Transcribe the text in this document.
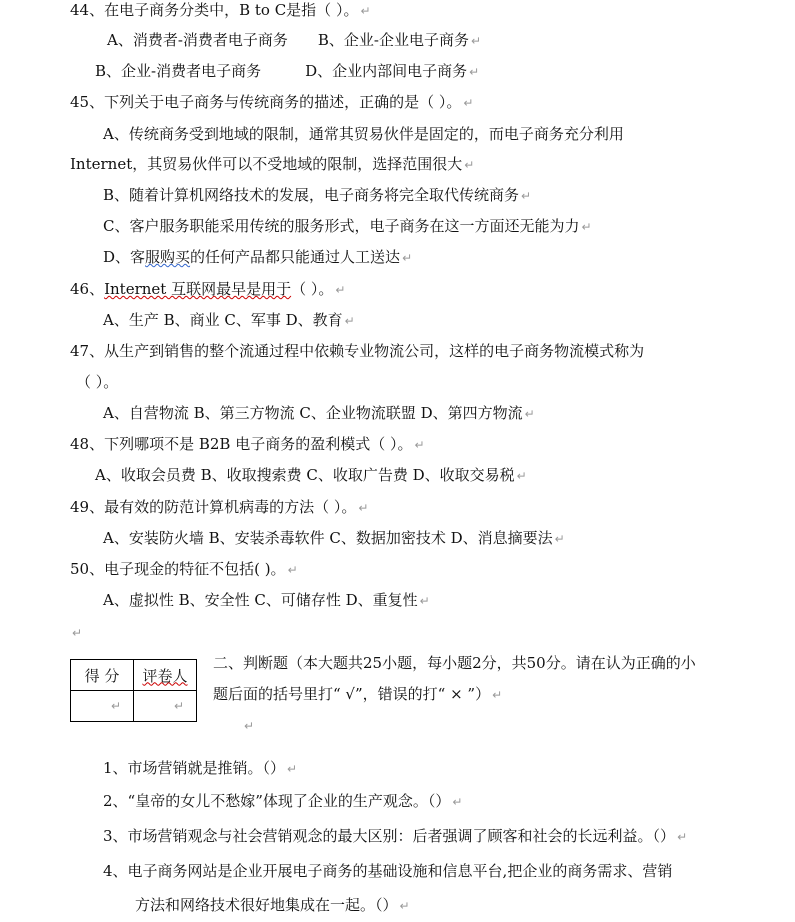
44、在电子商务分类中，B to C是指（ ）。 ↵
A、消费者-消费者电子商务 B、企业-企业电子商务 ↵
B、企业-消费者电子商务	D、企业内部间电子商务 ↵
45、下列关于电子商务与传统商务的描述，正确的是（ ）。 ↵
A、传统商务受到地域的限制，通常其贸易伙伴是固定的，而电子商务充分利用
Internet，其贸易伙伴可以不受地域的限制，选择范围很大 ↵
B、随着计算机网络技术的发展，电子商务将完全取代传统商务 ↵
C、客户服务职能采用传统的服务形式，电子商务在这一方面还无能为力 ↵
D、客服购买的任何产品都只能通过人工送达 ↵
46、Internet 互联网最早是用于（ ）。 ↵
A、生产 B、商业 C、军事 D、教育 ↵
47、从生产到销售的整个流通过程中依赖专业物流公司，这样的电子商务物流模式称为
（ ）。
A、自营物流 B、第三方物流 C、企业物流联盟 D、第四方物流 ↵
48、下列哪项不是 B2B 电子商务的盈利模式（ ）。 ↵
A、收取会员费 B、收取搜索费 C、收取广告费 D、收取交易税 ↵
49、最有效的防范计算机病毒的方法（ ）。 ↵
A、安装防火墙 B、安装杀毒软件 C、数据加密技术 D、消息摘要法 ↵
50、电子现金的特征不包括( )。 ↵
A、虚拟性 B、安全性 C、可储存性 D、重复性 ↵
↵
得 分	评卷人

↵	↵
二、判断题（本大题共25小题，每小题2分，共50分。请在认为正确的小
题后面的括号里打“ √”，错误的打“ × ”） ↵
↵
1、市场营销就是推销。（） ↵
2、“皇帝的女儿不愁嫁”体现了企业的生产观念。（） ↵
3、市场营销观念与社会营销观念的最大区别：后者强调了顾客和社会的长远利益。（） ↵
4、电子商务网站是企业开展电子商务的基础设施和信息平台,把企业的商务需求、营销
方法和网络技术很好地集成在一起。（） ↵
